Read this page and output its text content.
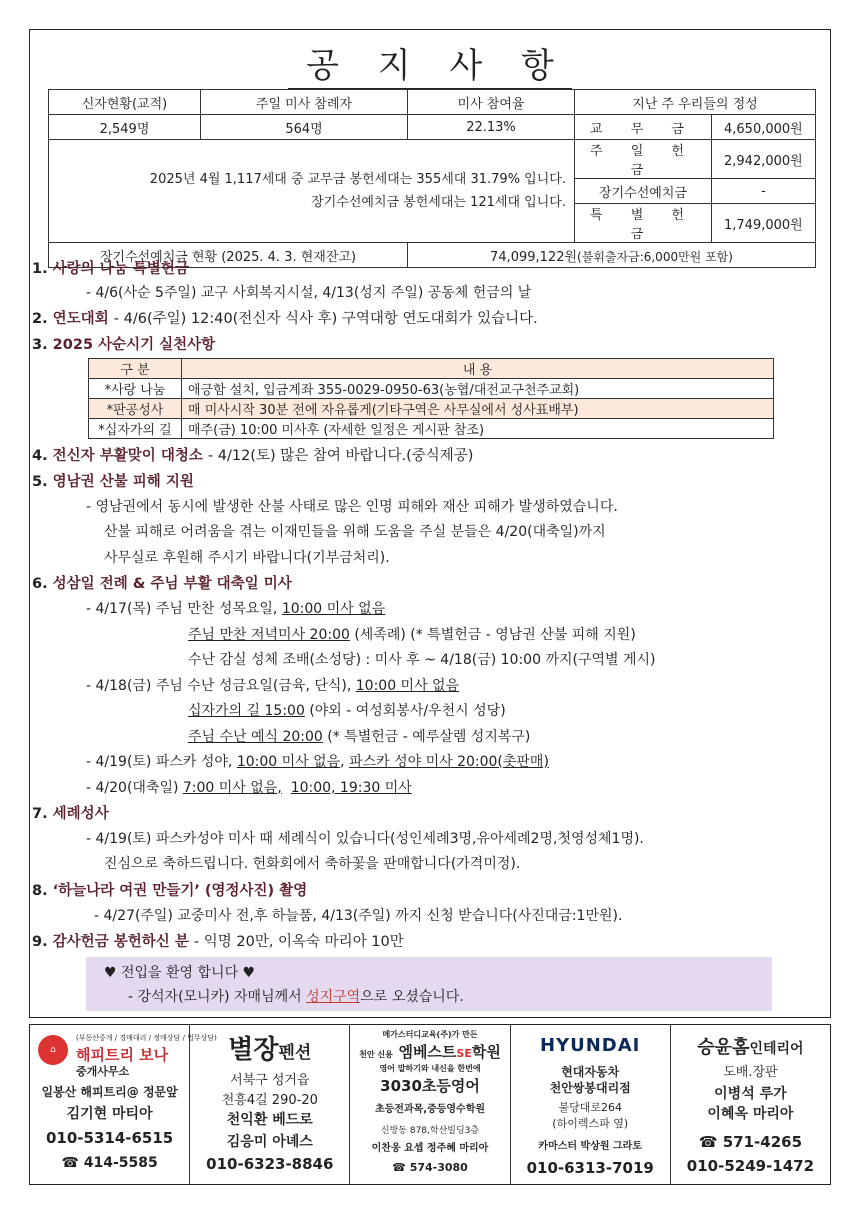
공 지 사 항
신자현황(교적)	주일 미사 참례자	미사 참여율	지난 주 우리들의 정성	
2,549명	564명	22.13%	교 무 금	4,650,000원

2025년 4월 1,117세대 중 교무금 봉헌세대는 355세대 31.79% 입니다.
장기수선예치금 봉헌세대는 121세대 입니다.			주 일 헌 금	2,942,000원
			장기수선예치금	-
			특 별 헌 금	1,749,000원
장기수선예치금 현황 (2025. 4. 3. 현재잔고)		74,099,122원(불휘출자금:6,000만원 포함)		
1. 사랑의 나눔 특별헌금
- 4/6(사순 5주일) 교구 사회복지시설, 4/13(성지 주일) 공동체 헌금의 날
2. 연도대회 - 4/6(주일) 12:40(전신자 식사 후) 구역대항 연도대회가 있습니다.
3. 2025 사순시기 실천사항
구 분	내 용
*사랑 나눔	애긍함 설치, 입금계좌 355-0029-0950-63(농협/대전교구천주교회)
*판공성사	매 미사시작 30분 전에 자유롭게(기타구역은 사무실에서 성사표배부)
*십자가의 길	매주(금) 10:00 미사후 (자세한 일정은 게시판 참조)
4. 전신자 부활맞이 대청소 - 4/12(토) 많은 참여 바랍니다.(중식제공)
5. 영남권 산불 피해 지원
- 영남권에서 동시에 발생한 산불 사태로 많은 인명 피해와 재산 피해가 발생하였습니다.
산불 피해로 어려움을 겪는 이재민들을 위해 도움을 주실 분들은 4/20(대축일)까지
사무실로 후원해 주시기 바랍니다(기부금처리).
6. 성삼일 전례 & 주님 부활 대축일 미사
- 4/17(목) 주님 만찬 성목요일, 10:00 미사 없음
주님 만찬 저녁미사 20:00 (세족례) (* 특별헌금 - 영남권 산불 피해 지원)
수난 감실 성체 조배(소성당) : 미사 후 ~ 4/18(금) 10:00 까지(구역별 게시)
- 4/18(금) 주님 수난 성금요일(금육, 단식), 10:00 미사 없음
십자가의 길 15:00 (야외 - 여성회봉사/우천시 성당)
주님 수난 예식 20:00 (* 특별헌금 - 예루살렘 성지복구)
- 4/19(토) 파스카 성야, 10:00 미사 없음, 파스카 성야 미사 20:00(촛판매)
- 4/20(대축일) 7:00 미사 없음, 10:00, 19:30 미사
7. 세례성사
- 4/19(토) 파스카성야 미사 때 세례식이 있습니다(성인세례3명,유아세례2명,첫영성체1명).
진심으로 축하드립니다. 헌화회에서 축하꽃을 판매합니다(가격미정).
8. ‘하늘나라 여권 만들기’ (영정사진) 촬영
- 4/27(주일) 교중미사 전,후 하늘품, 4/13(주일) 까지 신청 받습니다(사진대금:1만원).
9. 감사헌금 봉헌하신 분 - 익명 20만, 이옥숙 마리아 10만
♥ 전입을 환영 합니다 ♥
- 강석자(모니카) 자매님께서 성지구역으로 오셨습니다.
⌂
(부동산중개 / 경매대리 / 정매상담 / 법무상담)
해피트리 보나
중개사무소
일봉산 해피트리@ 정문앞
김기현 마티아
010-5314-6515
☎ 414-5585
별장펜션
서북구 성거읍
천흥4길 290-20
천익환 베드로
김응미 아녜스
010-6323-8846
메가스터디교육(주)가 만든
천안 신용 엠베스트SE학원
영어 말하기와 내신을 한번에
3030초등영어
초등전과목,중등영수학원
신방동 878,학산빌딩3층
이찬웅 요셉 정주혜 마리아
☎ 574-3080
HYUNDAI
현대자동차
천안쌍봉대리점
불당대로264
(하이렉스파 옆)
카마스터 박상원 그라토
010-6313-7019
승윤홈인테리어
도배.장판
이병석 루가
이혜옥 마리아
☎ 571-4265
010-5249-1472
